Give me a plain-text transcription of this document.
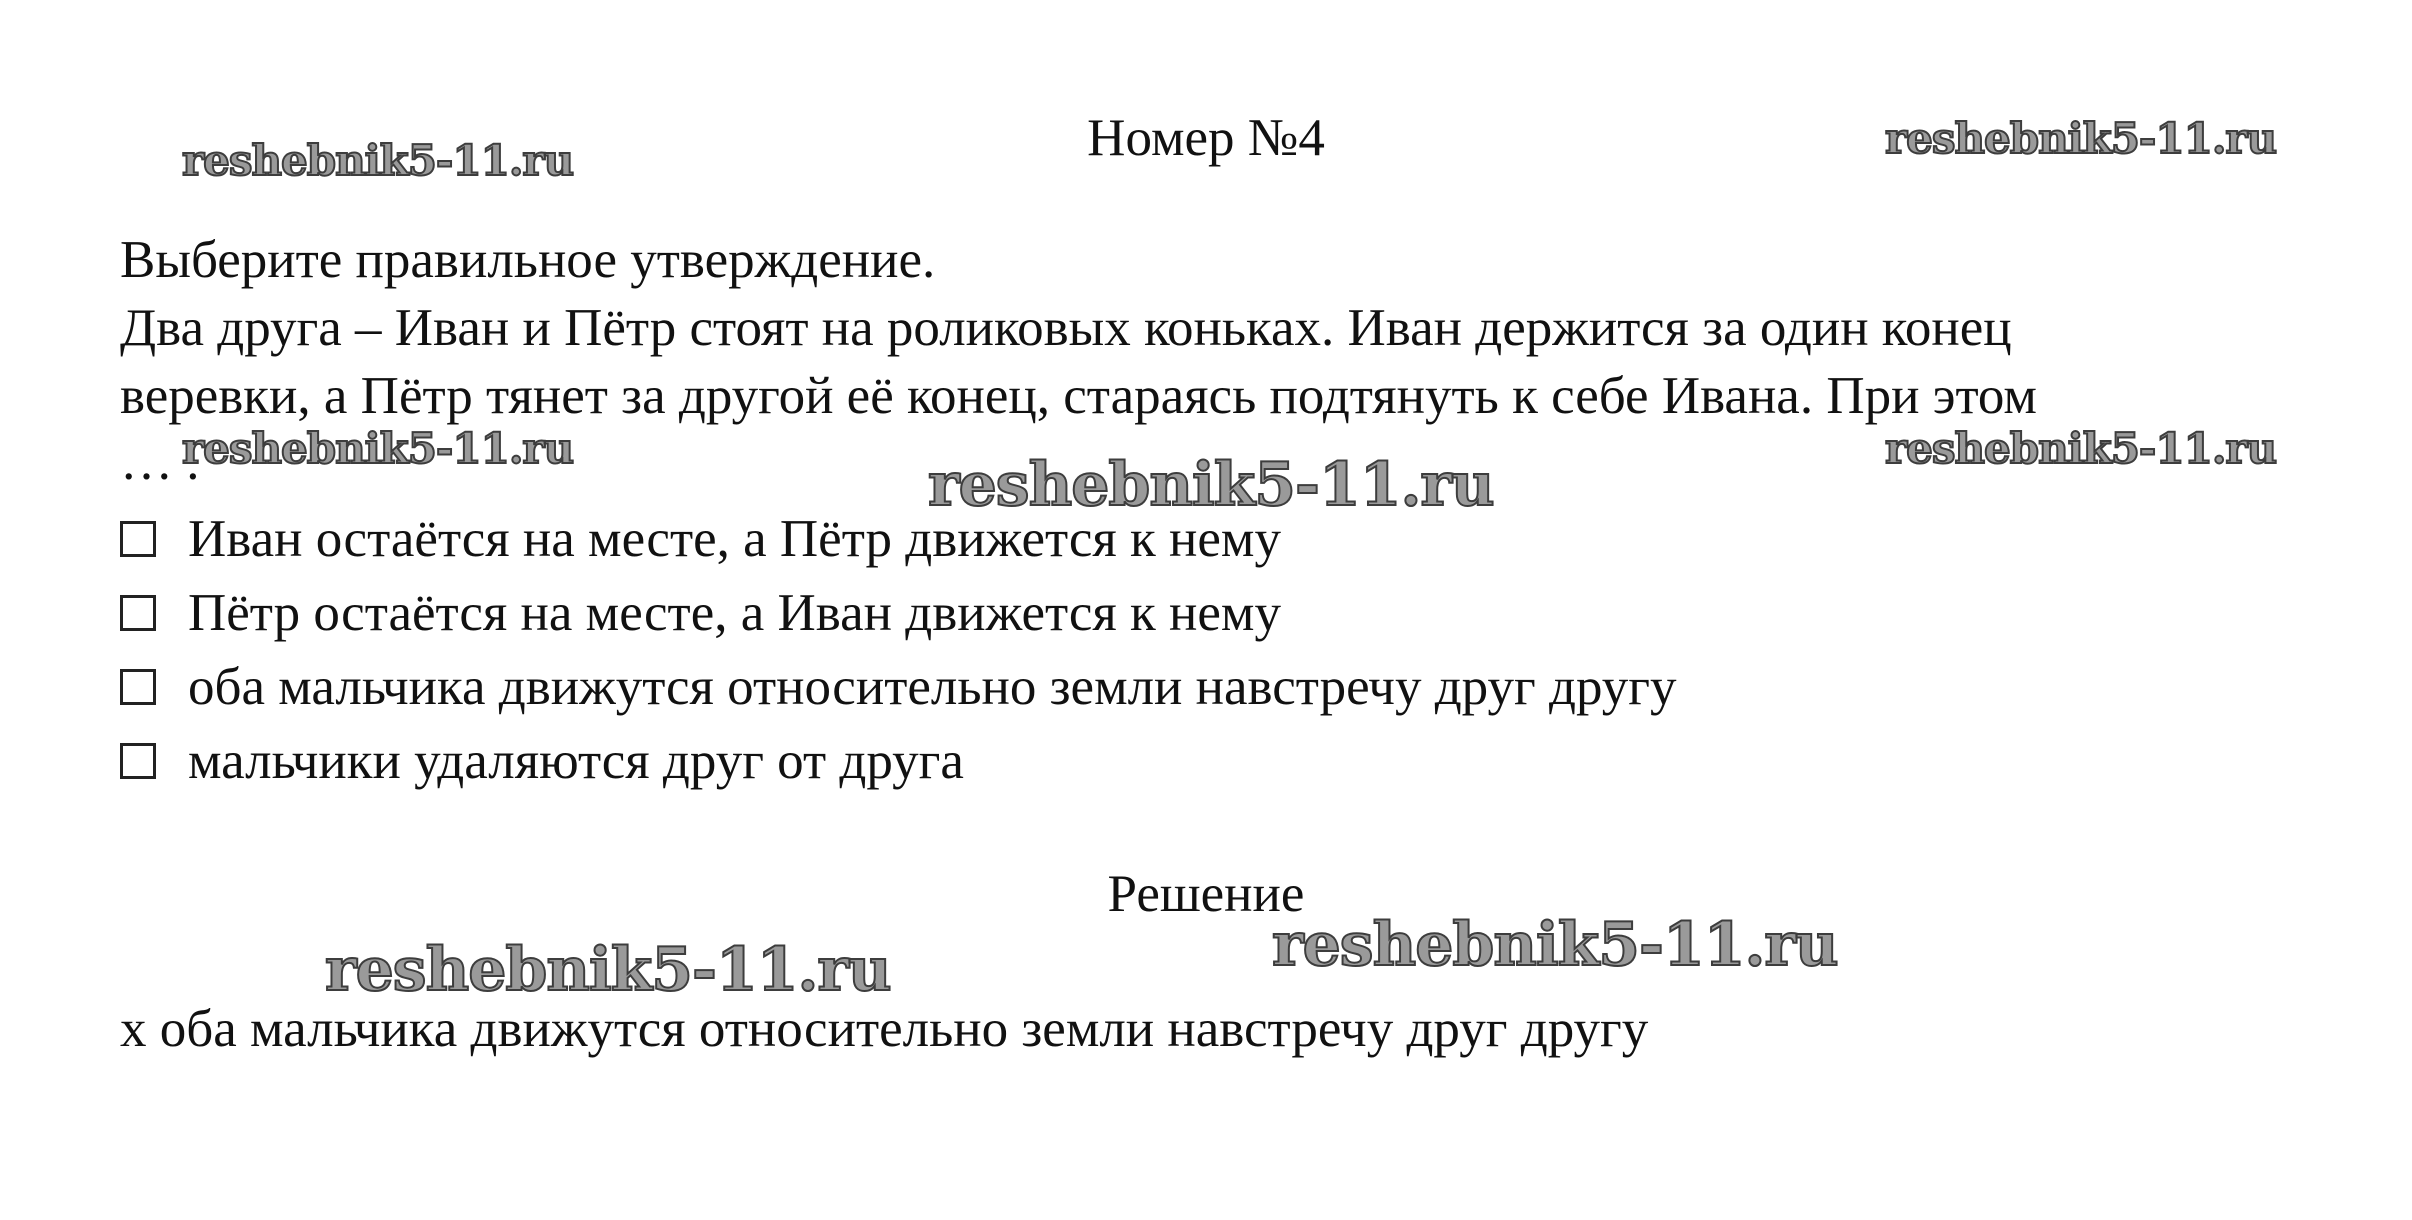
Номер №4
reshebnik5-11.ru	reshebnik5-11.ru
reshebnik5-11.ru	reshebnik5-11.ru
reshebnik5-11.ru
reshebnik5-11.ru	reshebnik5-11.ru
Выберите правильное утверждение.
Два друга – Иван и Пётр стоят на роликовых коньках. Иван держится за один конец
веревки, а Пётр тянет за другой её конец, стараясь подтянуть к себе Ивана. При этом
… .
Иван остаётся на месте, а Пётр движется к нему
Пётр остаётся на месте, а Иван движется к нему
оба мальчика движутся относительно земли навстречу друг другу
мальчики удаляются друг от друга
Решение
х оба мальчика движутся относительно земли навстречу друг другу
